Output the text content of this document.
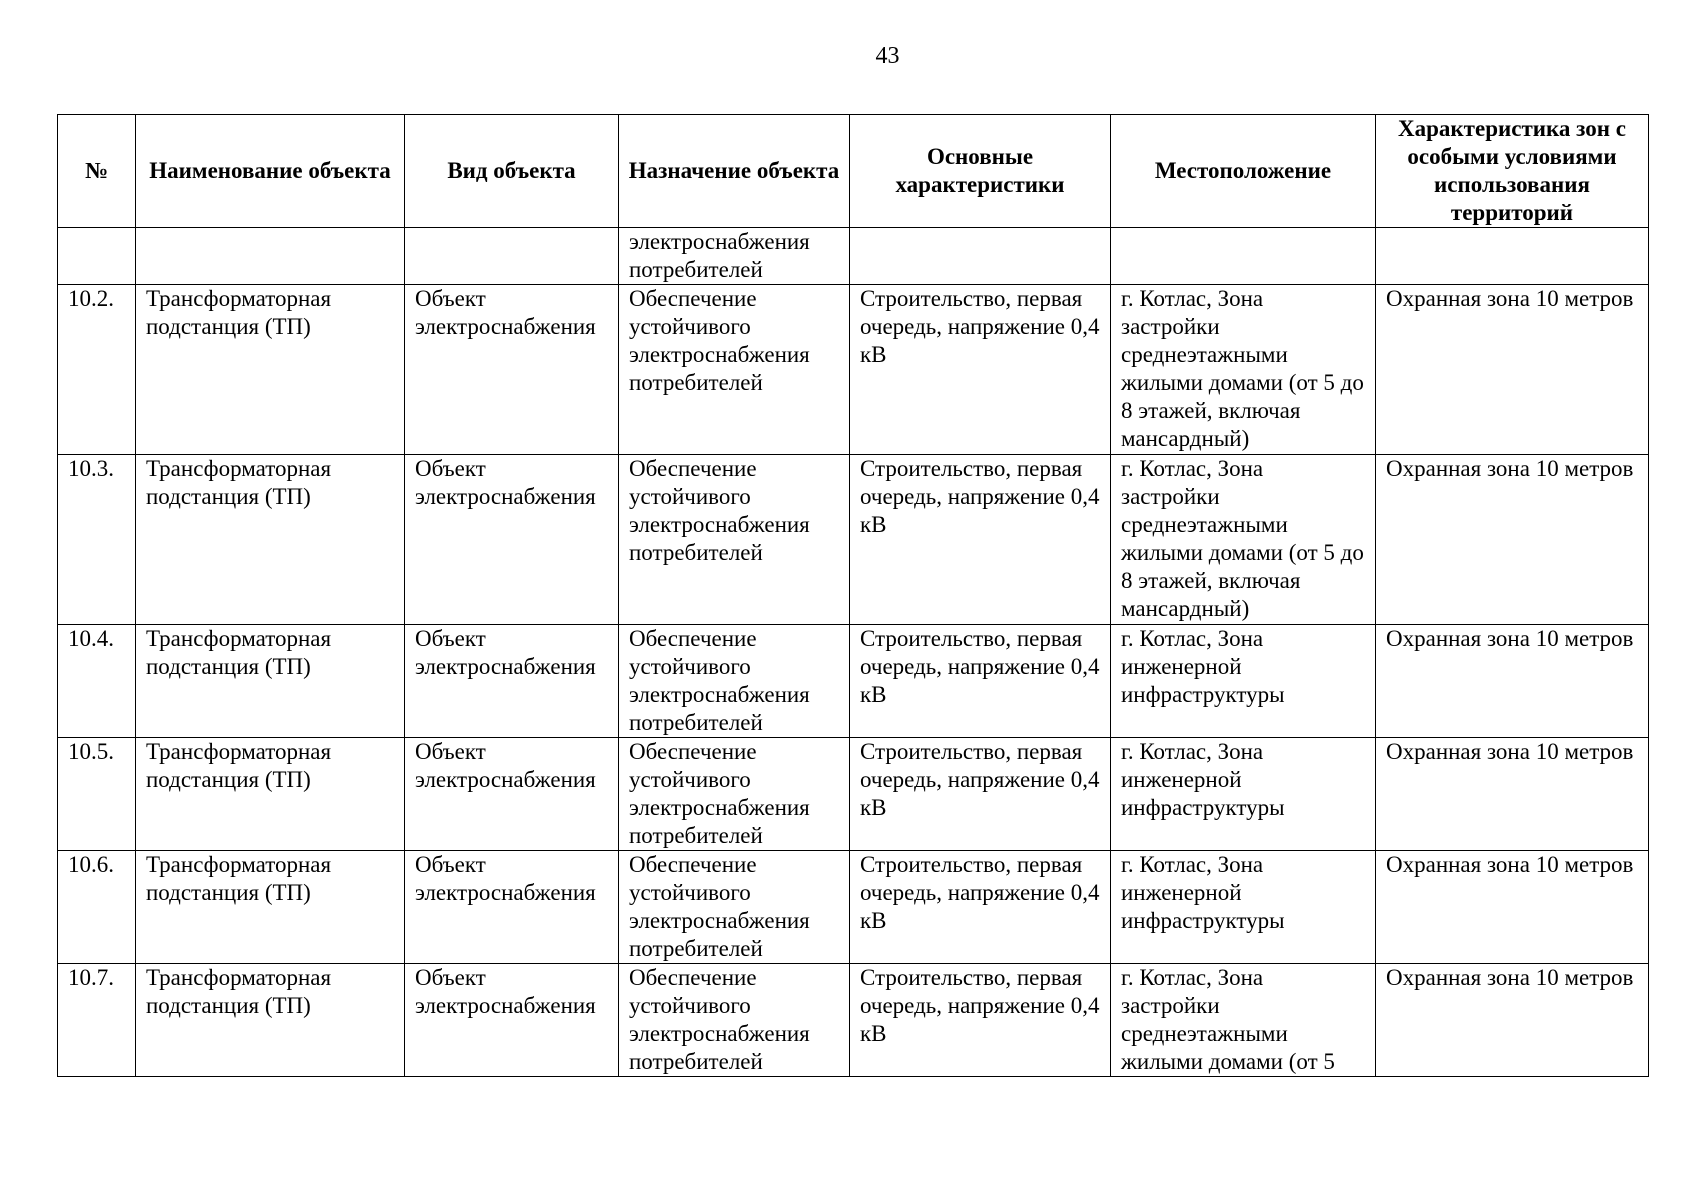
43
№	Наименование объекта	Вид объекта	Назначение объекта	Основные характеристики	Местоположение	Характеристика зон с особыми условиями использования территорий
			электроснабжения потребителей			
10.2.	Трансформаторная подстанция (ТП)	Объект электроснабжения	Обеспечение устойчивого электроснабжения потребителей	Строительство, первая очередь, напряжение 0,4 кВ	г. Котлас, Зона застройки среднеэтажными жилыми домами (от 5 до 8 этажей, включая мансардный)	Охранная зона 10 метров
10.3.	Трансформаторная подстанция (ТП)	Объект электроснабжения	Обеспечение устойчивого электроснабжения потребителей	Строительство, первая очередь, напряжение 0,4 кВ	г. Котлас, Зона застройки среднеэтажными жилыми домами (от 5 до 8 этажей, включая мансардный)	Охранная зона 10 метров
10.4.	Трансформаторная подстанция (ТП)	Объект электроснабжения	Обеспечение устойчивого электроснабжения потребителей	Строительство, первая очередь, напряжение 0,4 кВ	г. Котлас, Зона инженерной инфраструктуры	Охранная зона 10 метров
10.5.	Трансформаторная подстанция (ТП)	Объект электроснабжения	Обеспечение устойчивого электроснабжения потребителей	Строительство, первая очередь, напряжение 0,4 кВ	г. Котлас, Зона инженерной инфраструктуры	Охранная зона 10 метров
10.6.	Трансформаторная подстанция (ТП)	Объект электроснабжения	Обеспечение устойчивого электроснабжения потребителей	Строительство, первая очередь, напряжение 0,4 кВ	г. Котлас, Зона инженерной инфраструктуры	Охранная зона 10 метров
10.7.	Трансформаторная подстанция (ТП)	Объект электроснабжения	Обеспечение устойчивого электроснабжения потребителей	Строительство, первая очередь, напряжение 0,4 кВ	г. Котлас, Зона застройки среднеэтажными жилыми домами (от 5	Охранная зона 10 метров
